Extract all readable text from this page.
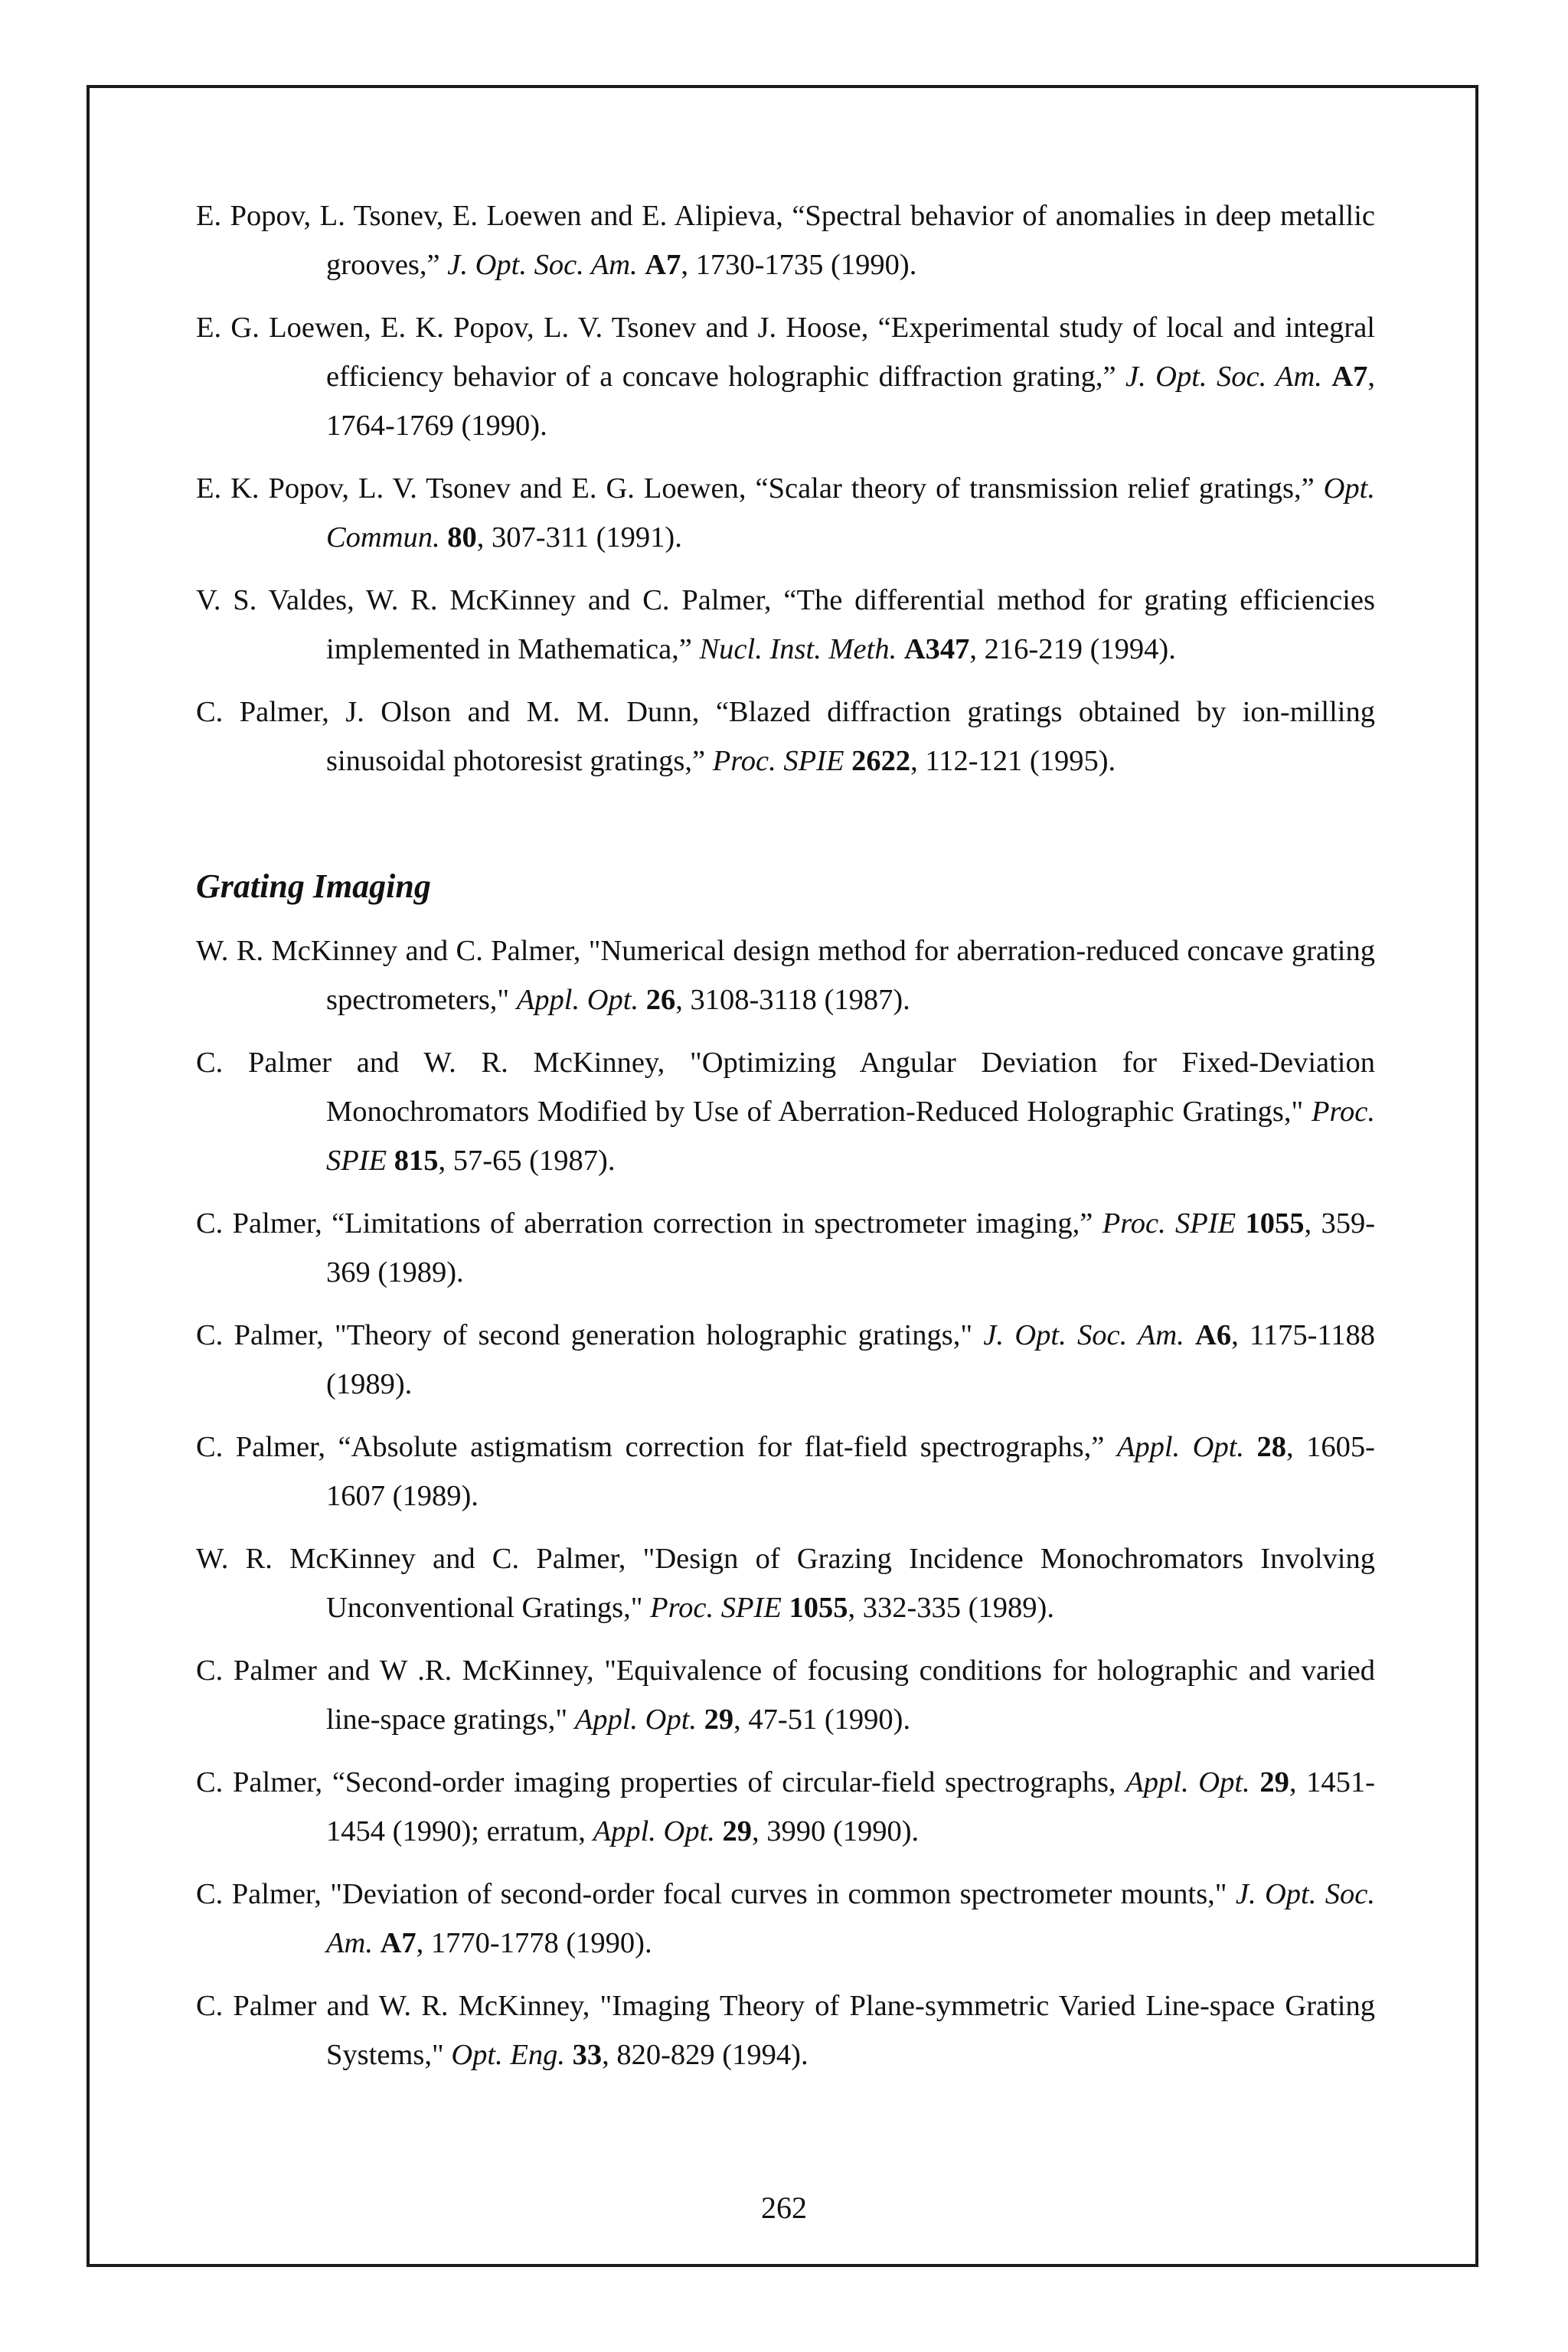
E. Popov, L. Tsonev, E. Loewen and E. Alipieva, “Spectral behavior of anomalies in deep metallic grooves,” J. Opt. Soc. Am. A7, 1730-1735 (1990).

E. G. Loewen, E. K. Popov, L. V. Tsonev and J. Hoose, “Experimental study of local and integral efficiency behavior of a concave holographic diffraction grating,” J. Opt. Soc. Am. A7, 1764-1769 (1990).

E. K. Popov, L. V. Tsonev and E. G. Loewen, “Scalar theory of transmission relief gratings,” Opt. Commun. 80, 307-311 (1991).

V. S. Valdes, W. R. McKinney and C. Palmer, “The differential method for grating efficiencies implemented in Mathematica,” Nucl. Inst. Meth. A347, 216-219 (1994).

C. Palmer, J. Olson and M. M. Dunn, “Blazed diffraction gratings obtained by ion-milling sinusoidal photoresist gratings,” Proc. SPIE 2622, 112-121 (1995).

Grating Imaging

W. R. McKinney and C. Palmer, "Numerical design method for aberration-reduced concave grating spectrometers," Appl. Opt. 26, 3108-3118 (1987).

C. Palmer and W. R. McKinney, "Optimizing Angular Deviation for Fixed-Deviation Monochromators Modified by Use of Aberration-Reduced Holographic Gratings," Proc. SPIE 815, 57-65 (1987).

C. Palmer, “Limitations of aberration correction in spectrometer imaging,” Proc. SPIE 1055, 359-369 (1989).

C. Palmer, "Theory of second generation holographic gratings," J. Opt. Soc. Am. A6, 1175-1188 (1989).

C. Palmer, “Absolute astigmatism correction for flat-field spectrographs,” Appl. Opt. 28, 1605-1607 (1989).

W. R. McKinney and C. Palmer, "Design of Grazing Incidence Monochromators Involving Unconventional Gratings," Proc. SPIE 1055, 332-335 (1989).

C. Palmer and W .R. McKinney, "Equivalence of focusing conditions for holographic and varied line-space gratings," Appl. Opt. 29, 47-51 (1990).

C. Palmer, “Second-order imaging properties of circular-field spectrographs, Appl. Opt. 29, 1451-1454 (1990); erratum, Appl. Opt. 29, 3990 (1990).

C. Palmer, "Deviation of second-order focal curves in common spectrometer mounts," J. Opt. Soc. Am. A7, 1770-1778 (1990).

C. Palmer and W. R. McKinney, "Imaging Theory of Plane-symmetric Varied Line-space Grating Systems," Opt. Eng. 33, 820-829 (1994).

262
